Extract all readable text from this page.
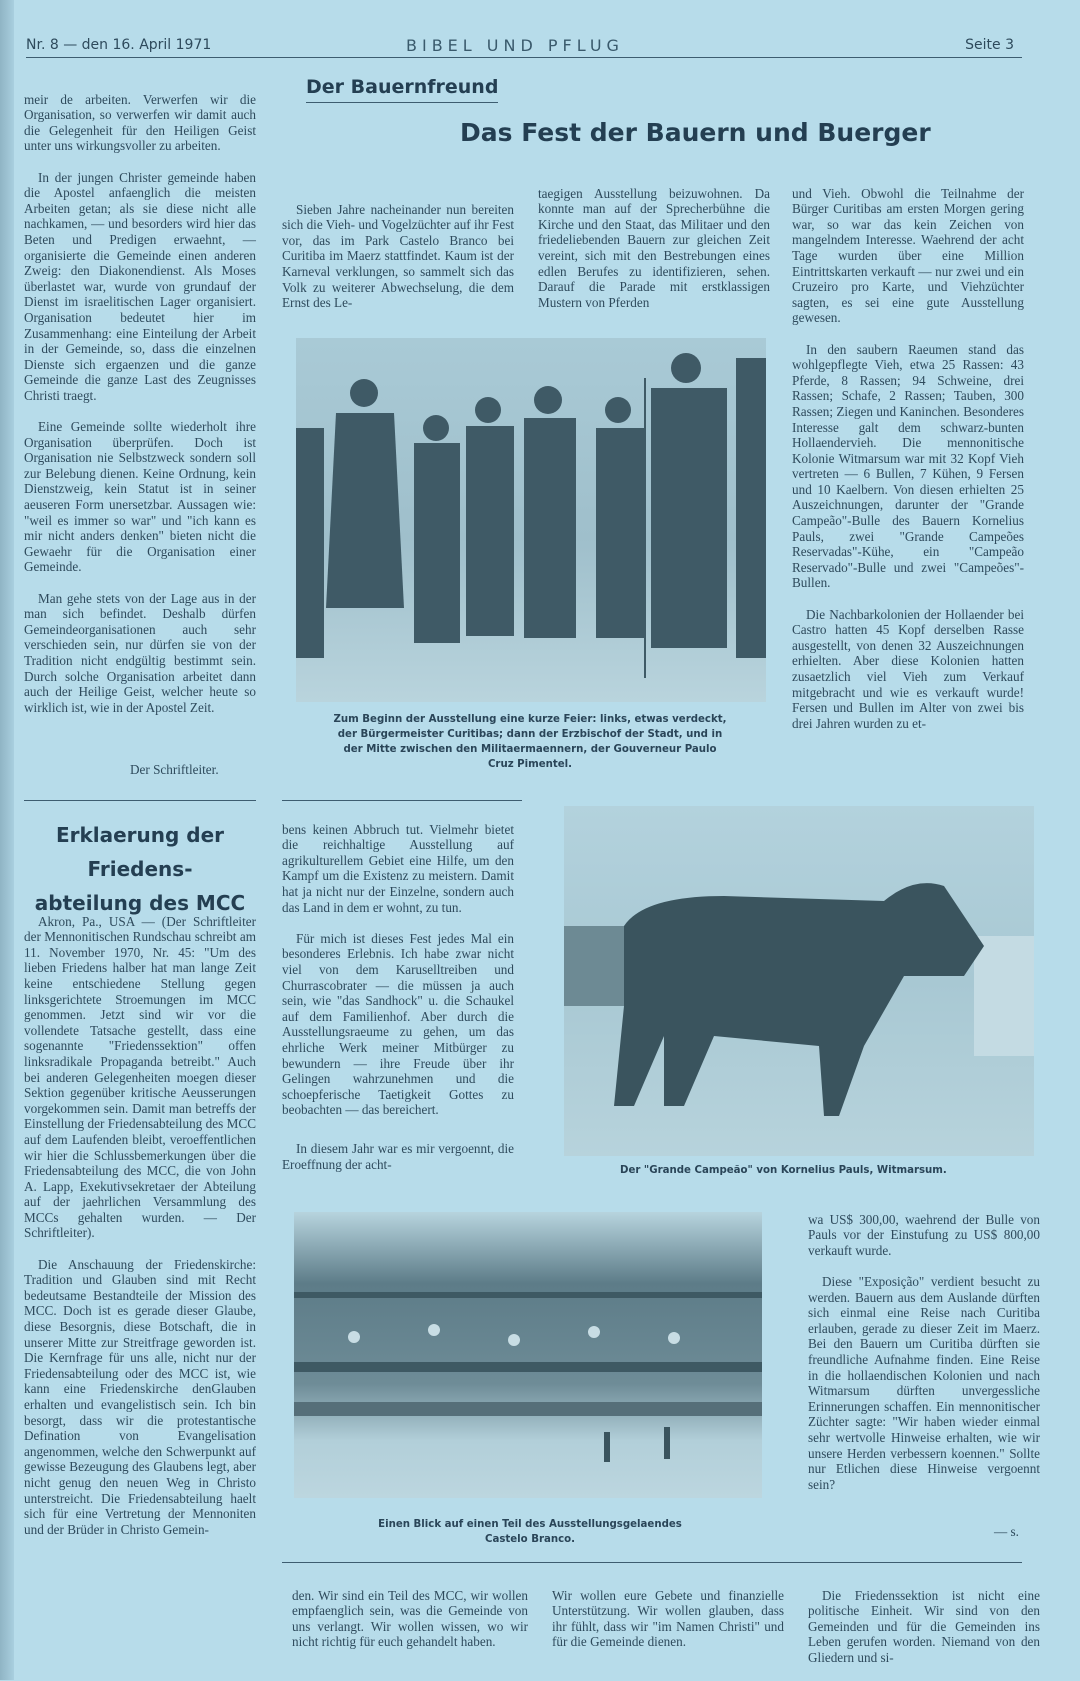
Nr. 8 — den 16. April 1971	BIBEL UND PFLUG	Seite 3

meir de arbeiten. Verwerfen wir die Organisation, so verwerfen wir damit auch die Gelegenheit für den Heiligen Geist unter uns wirkungsvoller zu arbeiten.

In der jungen Christer gemeinde haben die Apostel anfaenglich die meisten Arbeiten getan; als sie diese nicht alle nachkamen, — und besorders wird hier das Beten und Predigen erwaehnt, — organisierte die Gemeinde einen anderen Zweig: den Diakonendienst. Als Moses überlastet war, wurde von grundauf der Dienst im israelitischen Lager organisiert. Organisation bedeutet hier im Zusammenhang: eine Einteilung der Arbeit in der Gemeinde, so, dass die einzelnen Dienste sich ergaenzen und die ganze Gemeinde die ganze Last des Zeugnisses Christi traegt.

Eine Gemeinde sollte wiederholt ihre Organisation überprüfen. Doch ist Organisation nie Selbstzweck sondern soll zur Belebung dienen. Keine Ordnung, kein Dienstzweig, kein Statut ist in seiner aeuseren Form unersetzbar. Aussagen wie: "weil es immer so war" und "ich kann es mir nicht anders denken" bieten nicht die Gewaehr für die Organisation einer Gemeinde.

Man gehe stets von der Lage aus in der man sich befindet. Deshalb dürfen Gemeindeorganisationen auch sehr verschieden sein, nur dürfen sie von der Tradition nicht endgültig bestimmt sein. Durch solche Organisation arbeitet dann auch der Heilige Geist, welcher heute so wirklich ist, wie in der Apostel Zeit.

Der Schriftleiter.
Erklaerung der Friedens-
abteilung des MCC

Akron, Pa., USA — (Der Schriftleiter der Mennonitischen Rundschau schreibt am 11. November 1970, Nr. 45: "Um des lieben Friedens halber hat man lange Zeit keine entschiedene Stellung gegen linksgerichtete Stroemungen im MCC genommen. Jetzt sind wir vor die vollendete Tatsache gestellt, dass eine sogenannte "Friedenssektion" offen linksradikale Propaganda betreibt." Auch bei anderen Gelegenheiten moegen dieser Sektion gegenüber kritische Aeusserungen vorgekommen sein. Damit man betreffs der Einstellung der Friedensabteilung des MCC auf dem Laufenden bleibt, veroeffentlichen wir hier die Schlussbemerkungen über die Friedensabteilung des MCC, die von John A. Lapp, Exekutivsekretaer der Abteilung auf der jaehrlichen Versammlung des MCCs gehalten wurden. — Der Schriftleiter).

Die Anschauung der Friedenskirche: Tradition und Glauben sind mit Recht bedeutsame Bestandteile der Mission des MCC. Doch ist es gerade dieser Glaube, diese Besorgnis, diese Botschaft, die in unserer Mitte zur Streitfrage geworden ist. Die Kernfrage für uns alle, nicht nur der Friedensabteilung oder des MCC ist, wie kann eine Friedenskirche denGlauben erhalten und evangelistisch sein. Ich bin besorgt, dass wir die protestantische Defination von Evangelisation angenommen, welche den Schwerpunkt auf gewisse Bezeugung des Glaubens legt, aber nicht genug den neuen Weg in Christo unterstreicht. Die Friedensabteilung haelt sich für eine Vertretung der Mennoniten und der Brüder in Christo Gemein-

Der Bauernfreund
Das Fest der Bauern und Buerger

Sieben Jahre nacheinander nun bereiten sich die Vieh- und Vogelzüchter auf ihr Fest vor, das im Park Castelo Branco bei Curitiba im Maerz stattfindet. Kaum ist der Karneval verklungen, so sammelt sich das Volk zu weiterer Abwechselung, die dem Ernst des Le-

taegigen Ausstellung beizuwohnen. Da konnte man auf der Sprecherbühne die Kirche und den Staat, das Militaer und den friedeliebenden Bauern zur gleichen Zeit vereint, sich mit den Bestrebungen eines edlen Berufes zu identifizieren, sehen. Darauf die Parade mit erstklassigen Mustern von Pferden

und Vieh. Obwohl die Teilnahme der Bürger Curitibas am ersten Morgen gering war, so war das kein Zeichen von mangelndem Interesse. Waehrend der acht Tage wurden über eine Million Eintrittskarten verkauft — nur zwei und ein Cruzeiro pro Karte, und Viehzüchter sagten, es sei eine gute Ausstellung gewesen.

In den saubern Raeumen stand das wohlgepflegte Vieh, etwa 25 Rassen: 43 Pferde, 8 Rassen; 94 Schweine, drei Rassen; Schafe, 2 Rassen; Tauben, 300 Rassen; Ziegen und Kaninchen. Besonderes Interesse galt dem schwarz-bunten Hollaendervieh. Die mennonitische Kolonie Witmarsum war mit 32 Kopf Vieh vertreten — 6 Bullen, 7 Kühen, 9 Fersen und 10 Kaelbern. Von diesen erhielten 25 Auszeichnungen, darunter der "Grande Campeão"-Bulle des Bauern Kornelius Pauls, zwei "Grande Campeões Reservadas"-Kühe, ein "Campeão Reservado"-Bulle und zwei "Campeões"-Bullen.

Die Nachbarkolonien der Hollaender bei Castro hatten 45 Kopf derselben Rasse ausgestellt, von denen 32 Auszeichnungen erhielten. Aber diese Kolonien hatten zusaetzlich viel Vieh zum Verkauf mitgebracht und wie es verkauft wurde! Fersen und Bullen im Alter von zwei bis drei Jahren wurden zu et-

Zum Beginn der Ausstellung eine kurze Feier: links, etwas verdeckt, der Bürgermeister Curitibas; dann der Erzbischof der Stadt, und in der Mitte zwischen den Militaermaennern, der Gouverneur Paulo Cruz Pimentel.

bens keinen Abbruch tut. Vielmehr bietet die reichhaltige Ausstellung auf agrikulturellem Gebiet eine Hilfe, um den Kampf um die Existenz zu meistern. Damit hat ja nicht nur der Einzelne, sondern auch das Land in dem er wohnt, zu tun.

Für mich ist dieses Fest jedes Mal ein besonderes Erlebnis. Ich habe zwar nicht viel von dem Karuselltreiben und Churrascobrater — die müssen ja auch sein, wie "das Sandhock" u. die Schaukel auf dem Familienhof. Aber durch die Ausstellungsraeume zu gehen, um das ehrliche Werk meiner Mitbürger zu bewundern — ihre Freude über ihr Gelingen wahrzunehmen und die schoepferische Taetigkeit Gottes zu beobachten — das bereichert.

In diesem Jahr war es mir vergoennt, die Eroeffnung der acht-	Der "Grande Campeão" von Kornelius Pauls, Witmarsum.

wa US$ 300,00, waehrend der Bulle von Pauls vor der Einstufung zu US$ 800,00 verkauft wurde.

Diese "Exposição" verdient besucht zu werden. Bauern aus dem Auslande dürften sich einmal eine Reise nach Curitiba erlauben, gerade zu dieser Zeit im Maerz. Bei den Bauern um Curitiba dürften sie freundliche Aufnahme finden. Eine Reise in die hollaendischen Kolonien und nach Witmarsum dürften unvergessliche Erinnerungen schaffen. Ein mennonitischer Züchter sagte: "Wir haben wieder einmal sehr wertvolle Hinweise erhalten, wie wir unsere Herden verbessern koennen." Sollte nur Etlichen diese Hinweise vergoennt sein?

— s.
Einen Blick auf einen Teil des Ausstellungsgelaendes Castelo Branco.

den. Wir sind ein Teil des MCC, wir wollen empfaenglich sein, was die Gemeinde von uns verlangt. Wir wollen wissen, wo wir nicht richtig für euch gehandelt haben.

Wir wollen eure Gebete und finanzielle Unterstützung. Wir wollen glauben, dass ihr fühlt, dass wir "im Namen Christi" und für die Gemeinde dienen.

Die Friedenssektion ist nicht eine politische Einheit. Wir sind von den Gemeinden und für die Gemeinden ins Leben gerufen worden. Niemand von den Gliedern und si-
